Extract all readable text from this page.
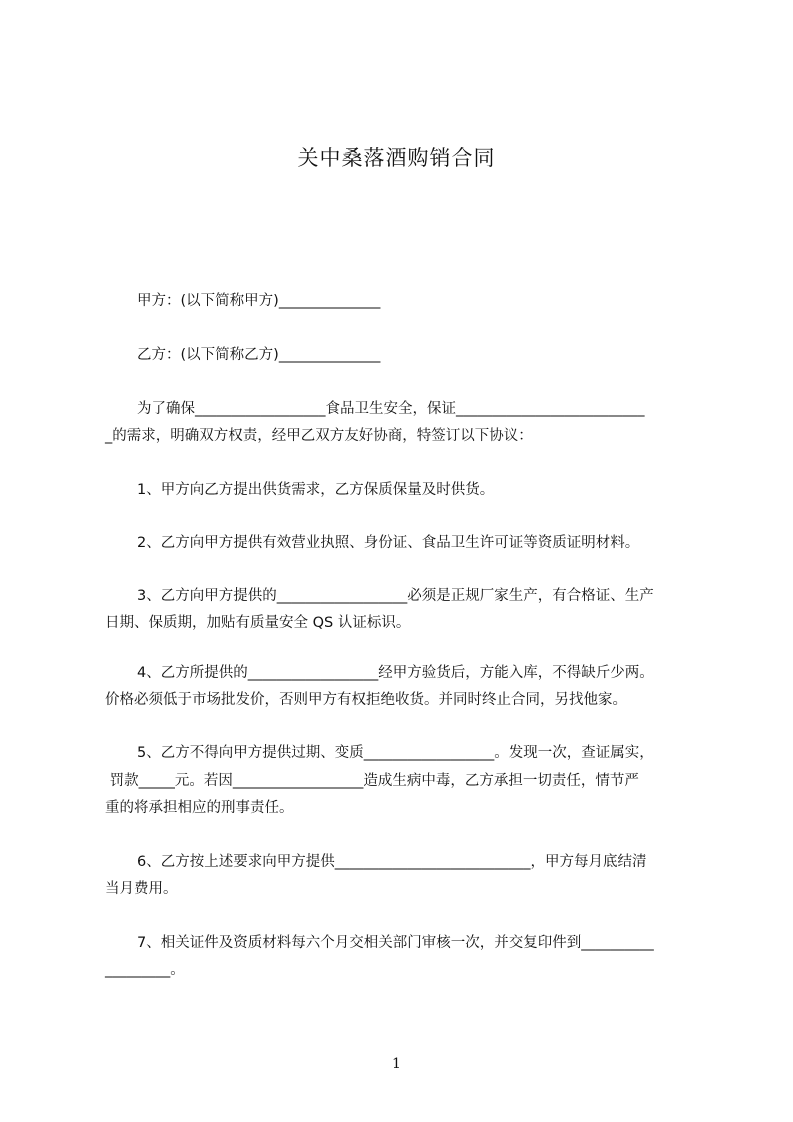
关中桑落酒购销合同
甲方：(以下简称甲方)______________
乙方：(以下简称乙方)______________
为了确保__________________食品卫生安全，保证__________________________
_的需求，明确双方权责，经甲乙双方友好协商，特签订以下协议：
1、甲方向乙方提出供货需求，乙方保质保量及时供货。
2、乙方向甲方提供有效营业执照、身份证、食品卫生许可证等资质证明材料。
3、乙方向甲方提供的__________________必须是正规厂家生产，有合格证、生产
日期、保质期，加贴有质量安全 QS 认证标识。
4、乙方所提供的__________________经甲方验货后，方能入库，不得缺斤少两。
价格必须低于市场批发价，否则甲方有权拒绝收货。并同时终止合同，另找他家。
5、乙方不得向甲方提供过期、变质__________________。发现一次，查证属实，
罚款_____元。若因__________________造成生病中毒，乙方承担一切责任，情节严
重的将承担相应的刑事责任。
6、乙方按上述要求向甲方提供___________________________，甲方每月底结清
当月费用。
7、相关证件及资质材料每六个月交相关部门审核一次，并交复印件到__________
_________。
1
